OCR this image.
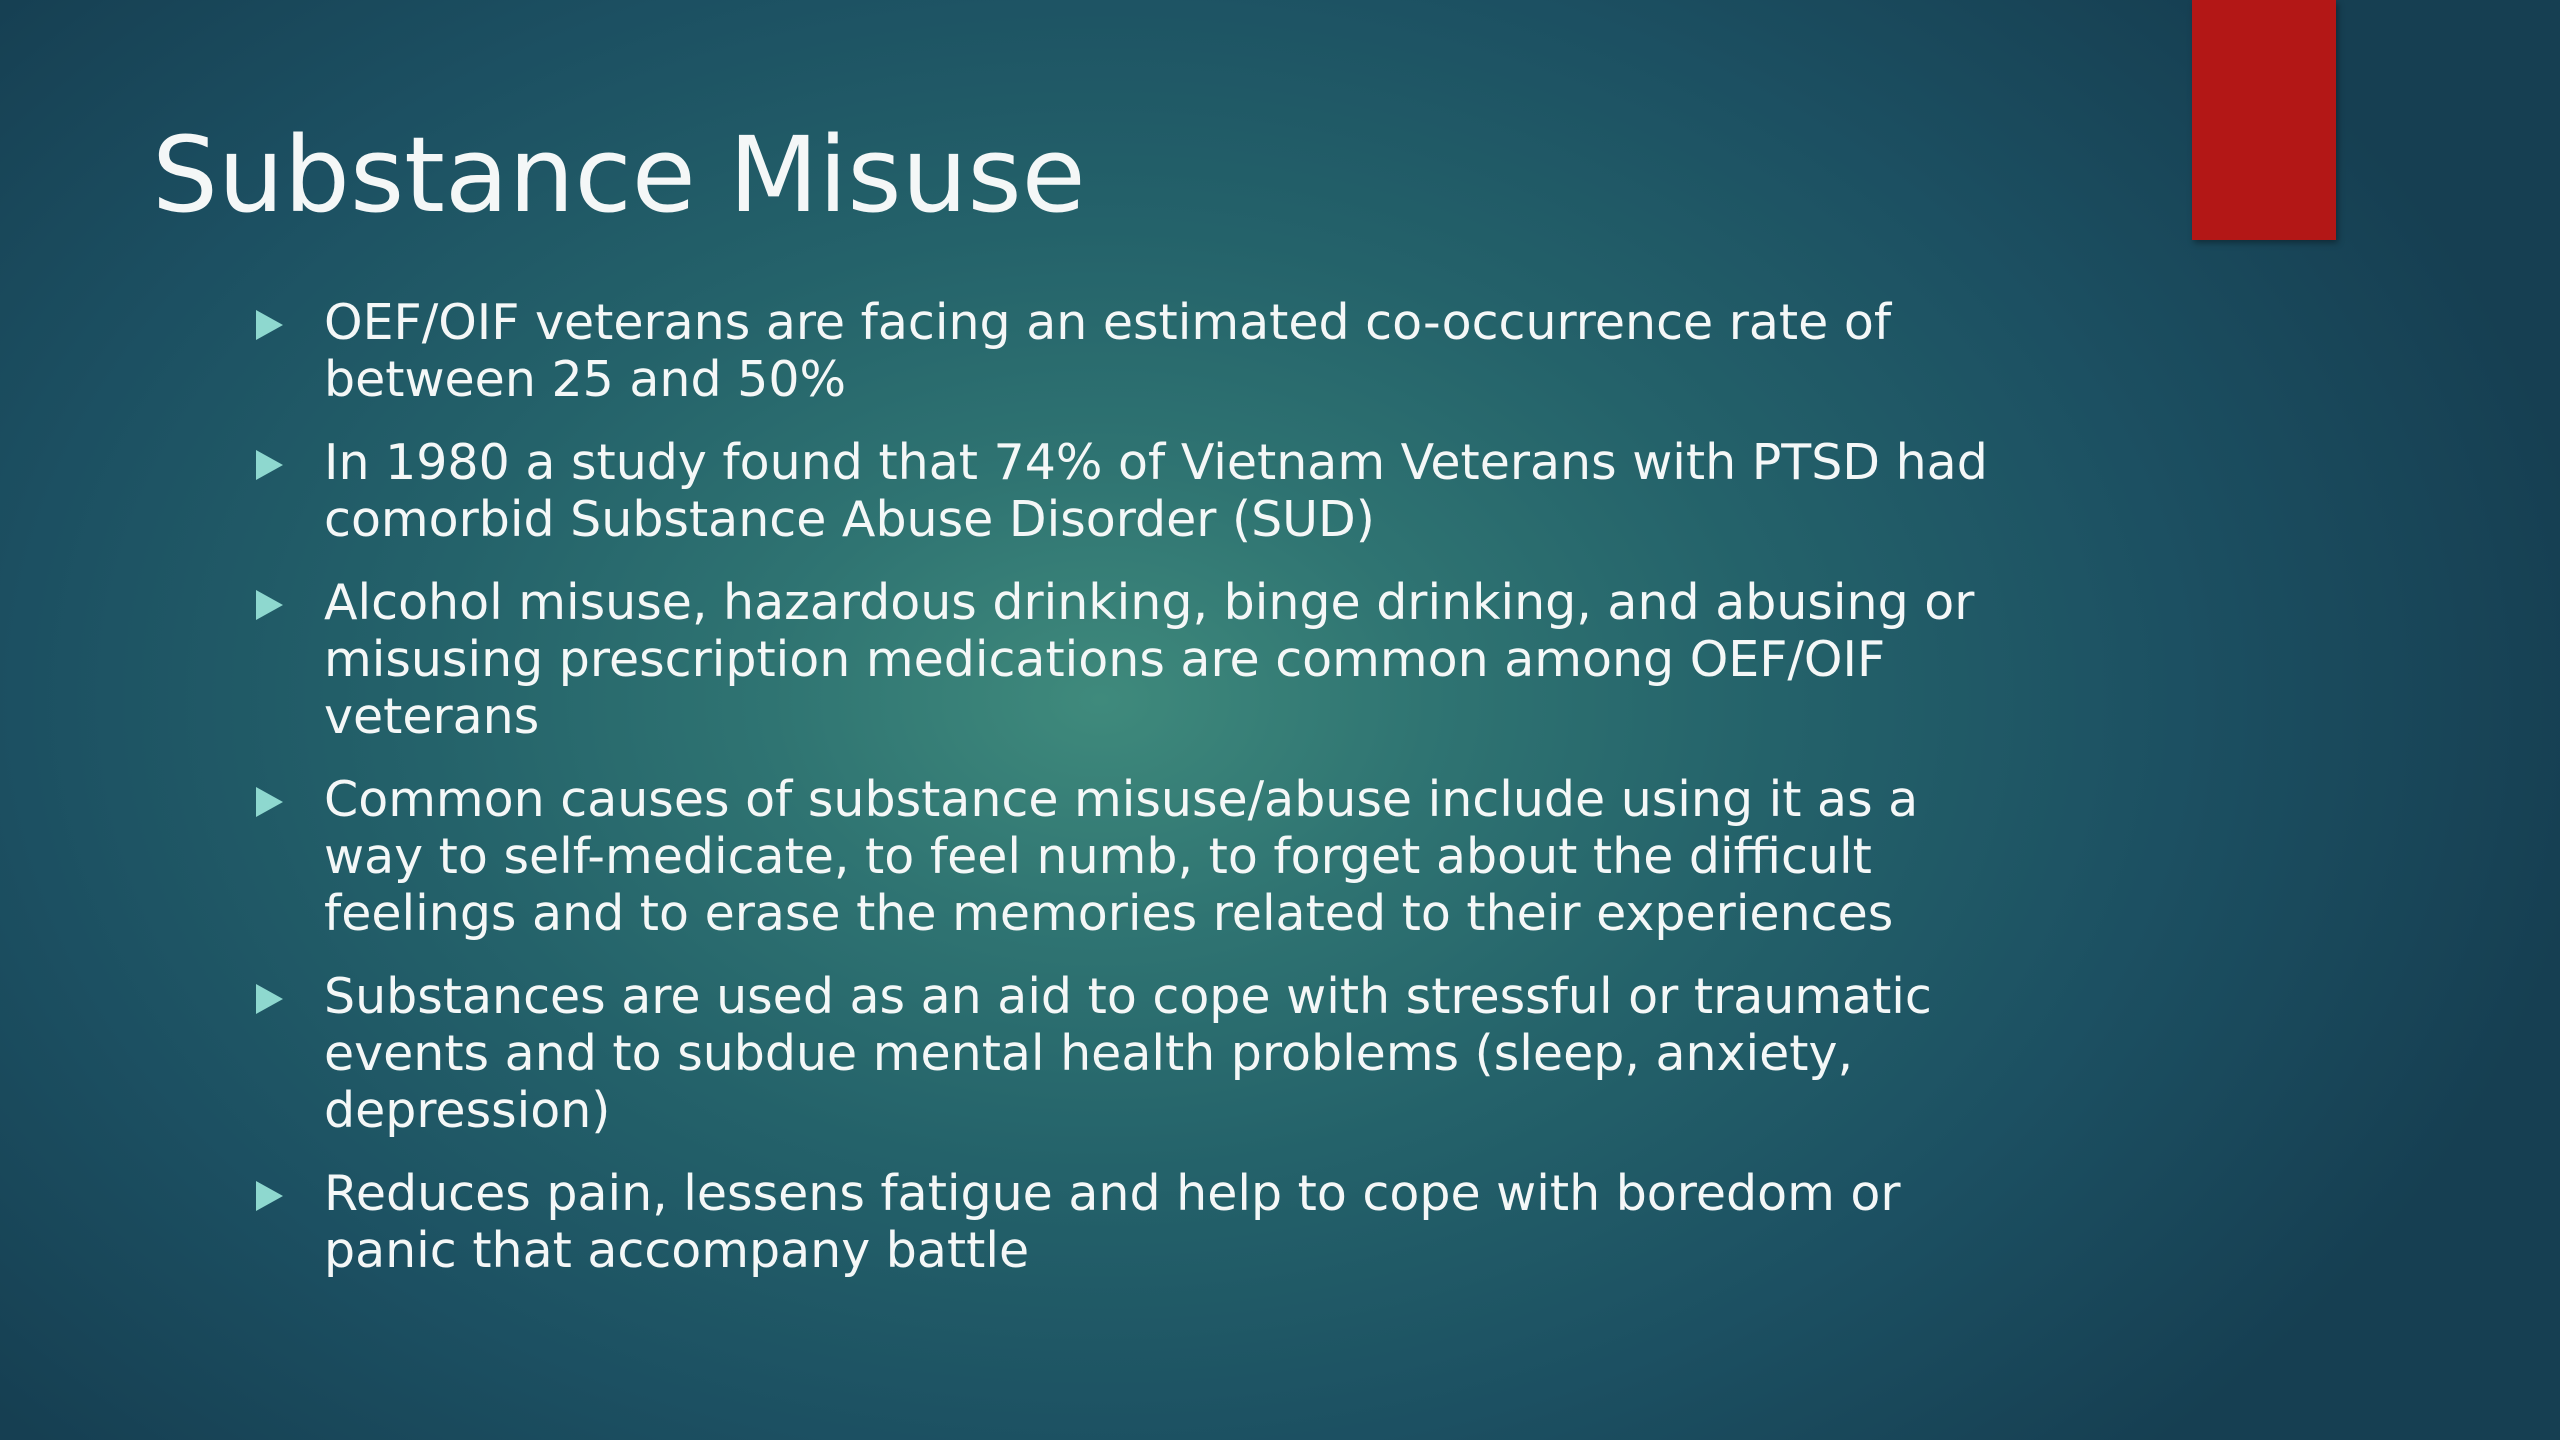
Substance Misuse
OEF/OIF veterans are facing an estimated co-occurrence rate of
between 25 and 50%
In 1980 a study found that 74% of Vietnam Veterans with PTSD had
comorbid Substance Abuse Disorder (SUD)
Alcohol misuse, hazardous drinking, binge drinking, and abusing or
misusing prescription medications are common among OEF/OIF
veterans
Common causes of substance misuse/abuse include using it as a
way to self-medicate, to feel numb, to forget about the difficult
feelings and to erase the memories related to their experiences
Substances are used as an aid to cope with stressful or traumatic
events and to subdue mental health problems (sleep, anxiety,
depression)
Reduces pain, lessens fatigue and help to cope with boredom or
panic that accompany battle
